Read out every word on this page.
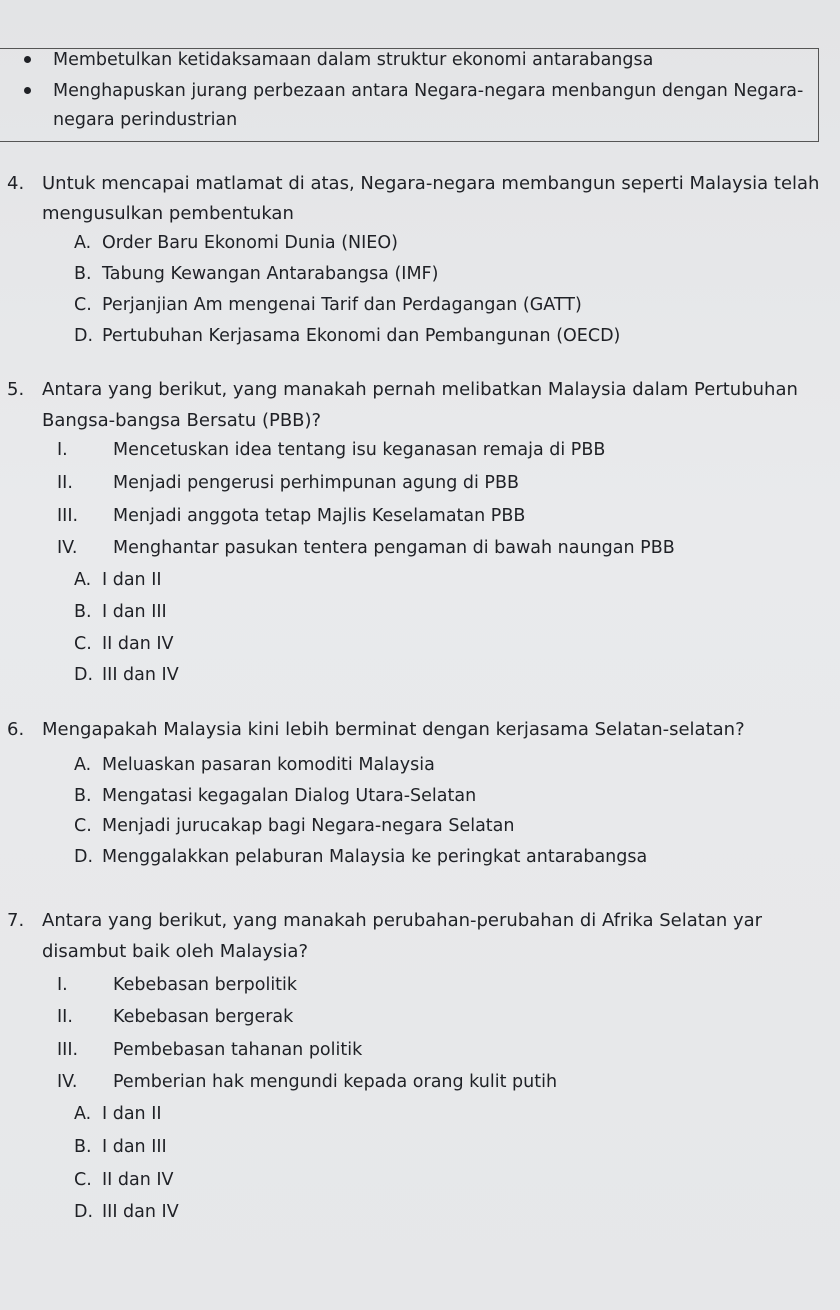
Membetulkan ketidaksamaan dalam struktur ekonomi antarabangsa
Menghapuskan jurang perbezaan antara Negara-negara menbangun dengan Negara-
negara perindustrian
4. Untuk mencapai matlamat di atas, Negara-negara membangun seperti Malaysia telah
mengusulkan pembentukan
A. Order Baru Ekonomi Dunia (NIEO)
B. Tabung Kewangan Antarabangsa (IMF)
C. Perjanjian Am mengenai Tarif dan Perdagangan (GATT)
D. Pertubuhan Kerjasama Ekonomi dan Pembangunan (OECD)
5. Antara yang berikut, yang manakah pernah melibatkan Malaysia dalam Pertubuhan
Bangsa-bangsa Bersatu (PBB)?
I.	Mencetuskan idea tentang isu keganasan remaja di PBB
II. Menjadi pengerusi perhimpunan agung di PBB
III. Menjadi anggota tetap Majlis Keselamatan PBB
IV. Menghantar pasukan tentera pengaman di bawah naungan PBB
A. I dan II
B. I dan III
C. II dan IV
D. III dan IV
6. Mengapakah Malaysia kini lebih berminat dengan kerjasama Selatan-selatan?
A. Meluaskan pasaran komoditi Malaysia
B. Mengatasi kegagalan Dialog Utara-Selatan
C. Menjadi jurucakap bagi Negara-negara Selatan
D. Menggalakkan pelaburan Malaysia ke peringkat antarabangsa
7. Antara yang berikut, yang manakah perubahan-perubahan di Afrika Selatan yar
disambut baik oleh Malaysia?
I.	Kebebasan berpolitik
II. Kebebasan bergerak
III. Pembebasan tahanan politik
IV. Pemberian hak mengundi kepada orang kulit putih
A. I dan II
B. I dan III
C. II dan IV
D. III dan IV
